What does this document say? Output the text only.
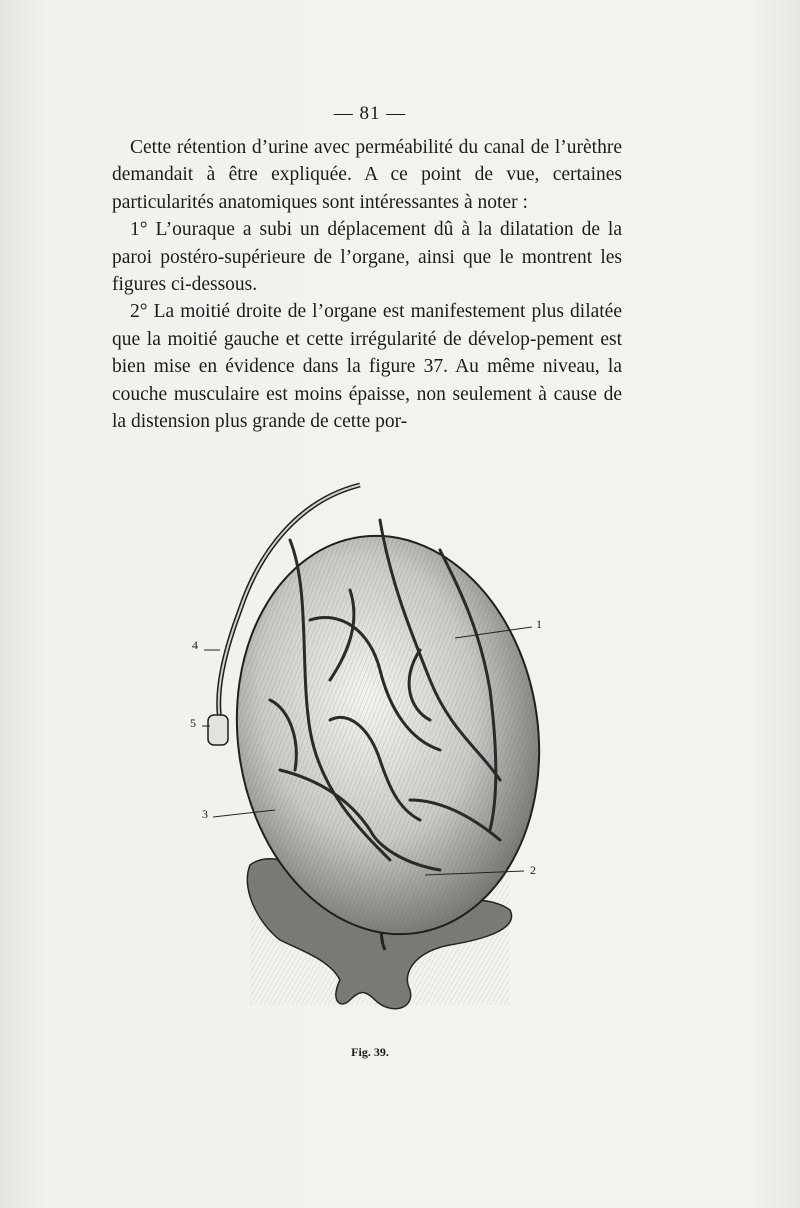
— 81 —

Cette rétention d’urine avec perméabilité du canal de l’urèthre demandait à être expliquée. A ce point de vue, certaines particularités anatomiques sont intéressantes à noter :

1° L’ouraque a subi un déplacement dû à la dilatation de la paroi postéro-supérieure de l’organe, ainsi que le montrent les figures ci-dessous.

2° La moitié droite de l’organe est manifestement plus dilatée que la moitié gauche et cette irrégularité de dévelop-pement est bien mise en évidence dans la figure 37. Au même niveau, la couche musculaire est moins épaisse, non seulement à cause de la distension plus grande de cette por-

1
2
3
4
5
Fig. 39.
